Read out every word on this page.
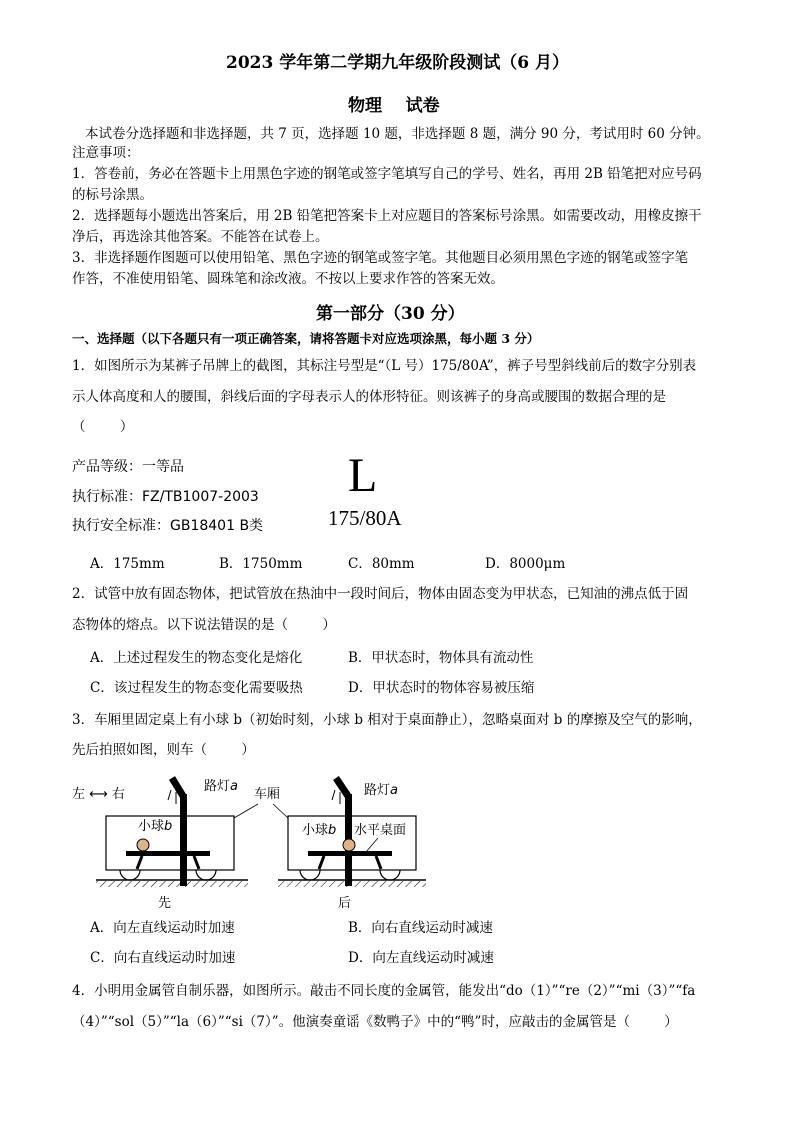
2023 学年第二学期九年级阶段测试（6 月）
物理    试卷
本试卷分选择题和非选择题，共 7 页，选择题 10 题，非选择题 8 题，满分 90 分，考试用时 60 分钟。
注意事项：
1．答卷前，务必在答题卡上用黑色字迹的钢笔或签字笔填写自己的学号、姓名，再用 2B 铅笔把对应号码
的标号涂黑。
2．选择题每小题选出答案后，用 2B 铅笔把答案卡上对应题目的答案标号涂黑。如需要改动，用橡皮擦干
净后，再选涂其他答案。不能答在试卷上。
3．非选择题作图题可以使用铅笔、黑色字迹的钢笔或签字笔。其他题目必须用黑色字迹的钢笔或签字笔
作答，不准使用铅笔、圆珠笔和涂改液。不按以上要求作答的答案无效。
第一部分（30 分）
一、选择题（以下各题只有一项正确答案，请将答题卡对应选项涂黑，每小题 3 分）
1．如图所示为某裤子吊牌上的截图，其标注号型是“（L 号）175/80A”，裤子号型斜线前后的数字分别表
示人体高度和人的腰围，斜线后面的字母表示人的体形特征。则该裤子的身高或腰围的数据合理的是
（        ）
产品等级：一等品
执行标准：FZ/TB1007-2003
执行安全标准：GB18401 B类
L
175/80A
A．175mm	B．1750mm	C．80mm	D．8000μm
2．试管中放有固态物体，把试管放在热油中一段时间后，物体由固态变为甲状态，已知油的沸点低于固
态物体的熔点。以下说法错误的是（        ）
A．上述过程发生的物态变化是熔化	B．甲状态时，物体具有流动性
C．该过程发生的物态变化需要吸热	D．甲状态时的物体容易被压缩
3．车厢里固定桌上有小球 b（初始时刻，小球 b 相对于桌面静止），忽略桌面对 b 的摩擦及空气的影响，
先后拍照如图，则车（        ）
左 ⟷ 右
路灯a
小球b
先
车厢	路灯a
小球b 水平桌面
后
A．向左直线运动时加速	B．向右直线运动时减速
C．向右直线运动时加速	D．向左直线运动时减速
4．小明用金属管自制乐器，如图所示。敲击不同长度的金属管，能发出“do（1）”“re（2）”“mi（3）”“fa
（4）”“sol（5）”“la（6）”“si（7）”。他演奏童谣《数鸭子》中的“鸭”时，应敲击的金属管是（        ）
